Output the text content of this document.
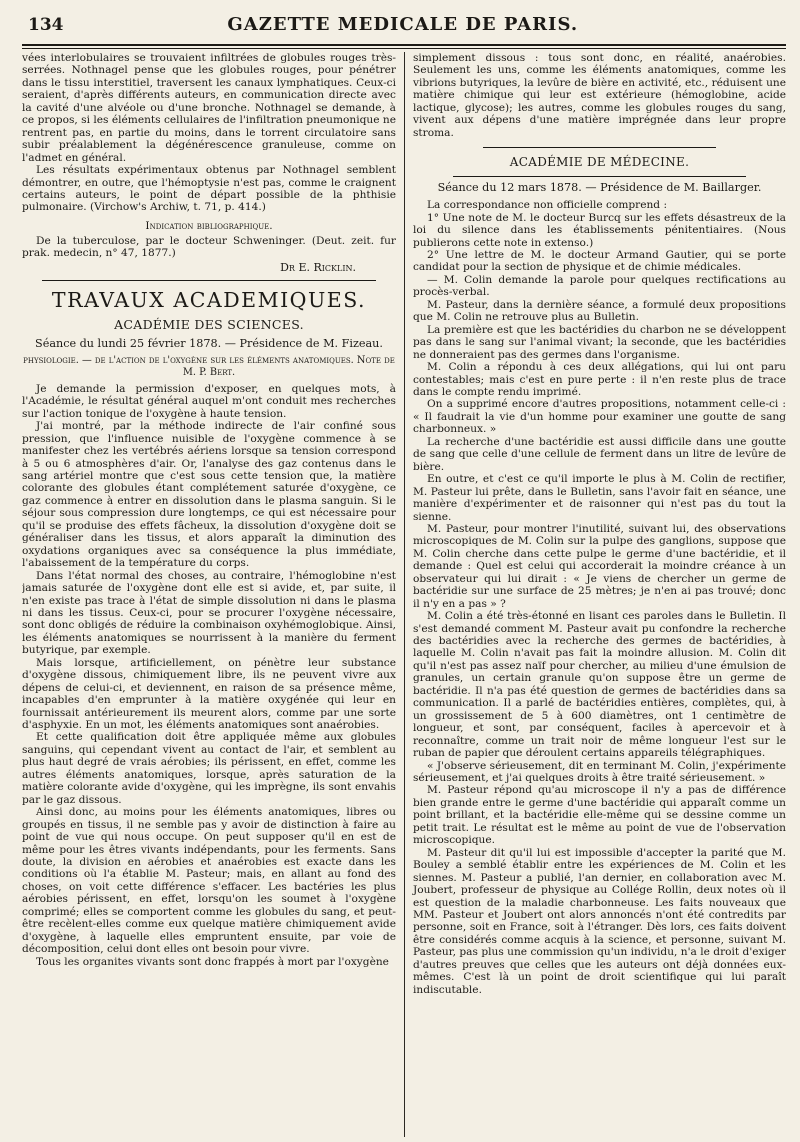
134	GAZETTE MEDICALE DE PARIS.

vées interlobulaires se trouvaient infiltrées de globules rouges très-serrées. Nothnagel pense que les globules rouges, pour pénétrer dans le tissu interstitiel, traversent les canaux lymphatiques. Ceux-ci seraient, d'après différents auteurs, en communication directe avec la cavité d'une alvéole ou d'une bronche. Nothnagel se demande, à ce propos, si les éléments cellulaires de l'infiltration pneumonique ne rentrent pas, en partie du moins, dans le torrent circulatoire sans subir préalablement la dégénérescence granuleuse, comme on l'admet en général.

Les résultats expérimentaux obtenus par Nothnagel semblent démontrer, en outre, que l'hémoptysie n'est pas, comme le craignent certains auteurs, le point de départ possible de la phthisie pulmonaire. (Virchow's Archiw, t. 71, p. 414.)

Indication bibliographique.

De la tuberculose, par le docteur Schweninger. (Deut. zeit. fur prak. medecin, n° 47, 1877.)

Dr E. Ricklin.
TRAVAUX ACADEMIQUES.
ACADÉMIE DES SCIENCES.
Séance du lundi 25 février 1878. — Présidence de M. Fizeau.
physiologie. — de l'action de l'oxygène sur les éléments anatomiques. Note de M. P. Bert.

Je demande la permission d'exposer, en quelques mots, à l'Académie, le résultat général auquel m'ont conduit mes recherches sur l'action tonique de l'oxygène à haute tension.

J'ai montré, par la méthode indirecte de l'air confiné sous pression, que l'influence nuisible de l'oxygène commence à se manifester chez les vertébrés aériens lorsque sa tension correspond à 5 ou 6 atmosphères d'air. Or, l'analyse des gaz contenus dans le sang artériel montre que c'est sous cette tension que, la matière colorante des globules étant complétement saturée d'oxygène, ce gaz commence à entrer en dissolution dans le plasma sanguin. Si le séjour sous compression dure longtemps, ce qui est nécessaire pour qu'il se produise des effets fâcheux, la dissolution d'oxygène doit se généraliser dans les tissus, et alors apparaît la diminution des oxydations organiques avec sa conséquence la plus immédiate, l'abaissement de la température du corps.

Dans l'état normal des choses, au contraire, l'hémoglobine n'est jamais saturée de l'oxygène dont elle est si avide, et, par suite, il n'en existe pas trace à l'état de simple dissolution ni dans le plasma ni dans les tissus. Ceux-ci, pour se procurer l'oxygène nécessaire, sont donc obligés de réduire la combinaison oxyhémoglobique. Ainsi, les éléments anatomiques se nourrissent à la manière du ferment butyrique, par exemple.

Mais lorsque, artificiellement, on pénètre leur substance d'oxygène dissous, chimiquement libre, ils ne peuvent vivre aux dépens de celui-ci, et deviennent, en raison de sa présence même, incapables d'en emprunter à la matière oxygénée qui leur en fournissait antérieurement ils meurent alors, comme par une sorte d'asphyxie. En un mot, les éléments anatomiques sont anaérobies.

Et cette qualification doit être appliquée même aux globules sanguins, qui cependant vivent au contact de l'air, et semblent au plus haut degré de vrais aérobies; ils périssent, en effet, comme les autres éléments anatomiques, lorsque, après saturation de la matière colorante avide d'oxygène, qui les imprègne, ils sont envahis par le gaz dissous.

Ainsi donc, au moins pour les éléments anatomiques, libres ou groupés en tissus, il ne semble pas y avoir de distinction à faire au point de vue qui nous occupe. On peut supposer qu'il en est de même pour les êtres vivants indépendants, pour les ferments. Sans doute, la division en aérobies et anaérobies est exacte dans les conditions où l'a établie M. Pasteur; mais, en allant au fond des choses, on voit cette différence s'effacer. Les bactéries les plus aérobies périssent, en effet, lorsqu'on les soumet à l'oxygène comprimé; elles se comportent comme les globules du sang, et peut-être recèlent-elles comme eux quelque matière chimiquement avide d'oxygène, à laquelle elles empruntent ensuite, par voie de décomposition, celui dont elles ont besoin pour vivre.

Tous les organites vivants sont donc frappés à mort par l'oxygène

simplement dissous : tous sont donc, en réalité, anaérobies. Seulement les uns, comme les éléments anatomiques, comme les vibrions butyriques, la levûre de bière en activité, etc., réduisent une matière chimique qui leur est extérieure (hémoglobine, acide lactique, glycose); les autres, comme les globules rouges du sang, vivent aux dépens d'une matière imprégnée dans leur propre stroma.

ACADÉMIE DE MÉDECINE.
Séance du 12 mars 1878. — Présidence de M. Baillarger.

La correspondance non officielle comprend :

1° Une note de M. le docteur Burcq sur les effets désastreux de la loi du silence dans les établissements pénitentiaires. (Nous publierons cette note in extenso.)

2° Une lettre de M. le docteur Armand Gautier, qui se porte candidat pour la section de physique et de chimie médicales.

— M. Colin demande la parole pour quelques rectifications au procès-verbal.

M. Pasteur, dans la dernière séance, a formulé deux propositions que M. Colin ne retrouve plus au Bulletin.

La première est que les bactéridies du charbon ne se développent pas dans le sang sur l'animal vivant; la seconde, que les bactéridies ne donneraient pas des germes dans l'organisme.

M. Colin a répondu à ces deux allégations, qui lui ont paru contestables; mais c'est en pure perte : il n'en reste plus de trace dans le compte rendu imprimé.

On a supprimé encore d'autres propositions, notamment celle-ci : « Il faudrait la vie d'un homme pour examiner une goutte de sang charbonneux. »

La recherche d'une bactéridie est aussi difficile dans une goutte de sang que celle d'une cellule de ferment dans un litre de levûre de bière.

En outre, et c'est ce qu'il importe le plus à M. Colin de rectifier, M. Pasteur lui prête, dans le Bulletin, sans l'avoir fait en séance, une manière d'expérimenter et de raisonner qui n'est pas du tout la sienne.

M. Pasteur, pour montrer l'inutilité, suivant lui, des observations microscopiques de M. Colin sur la pulpe des ganglions, suppose que M. Colin cherche dans cette pulpe le germe d'une bactéridie, et il demande : Quel est celui qui accorderait la moindre créance à un observateur qui lui dirait : « Je viens de chercher un germe de bactéridie sur une surface de 25 mètres; je n'en ai pas trouvé; donc il n'y en a pas » ?

M. Colin a été très-étonné en lisant ces paroles dans le Bulletin. Il s'est demandé comment M. Pasteur avait pu confondre la recherche des bactéridies avec la recherche des germes de bactéridies, à laquelle M. Colin n'avait pas fait la moindre allusion. M. Colin dit qu'il n'est pas assez naïf pour chercher, au milieu d'une émulsion de granules, un certain granule qu'on suppose être un germe de bactéridie. Il n'a pas été question de germes de bactéridies dans sa communication. Il a parlé de bactéridies entières, complètes, qui, à un grossissement de 5 à 600 diamètres, ont 1 centimètre de longueur, et sont, par conséquent, faciles à apercevoir et à reconnaître, comme un trait noir de même longueur l'est sur le ruban de papier que déroulent certains appareils télégraphiques.

« J'observe sérieusement, dit en terminant M. Colin, j'expérimente sérieusement, et j'ai quelques droits à être traité sérieusement. »

M. Pasteur répond qu'au microscope il n'y a pas de différence bien grande entre le germe d'une bactéridie qui apparaît comme un point brillant, et la bactéridie elle-même qui se dessine comme un petit trait. Le résultat est le même au point de vue de l'observation microscopique.

M. Pasteur dit qu'il lui est impossible d'accepter la parité que M. Bouley a semblé établir entre les expériences de M. Colin et les siennes. M. Pasteur a publié, l'an dernier, en collaboration avec M. Joubert, professeur de physique au Collége Rollin, deux notes où il est question de la maladie charbonneuse. Les faits nouveaux que MM. Pasteur et Joubert ont alors annoncés n'ont été contredits par personne, soit en France, soit à l'étranger. Dès lors, ces faits doivent être considérés comme acquis à la science, et personne, suivant M. Pasteur, pas plus une commission qu'un individu, n'a le droit d'exiger d'autres preuves que celles que les auteurs ont déjà données eux-mêmes. C'est là un point de droit scientifique qui lui paraît indiscutable.
